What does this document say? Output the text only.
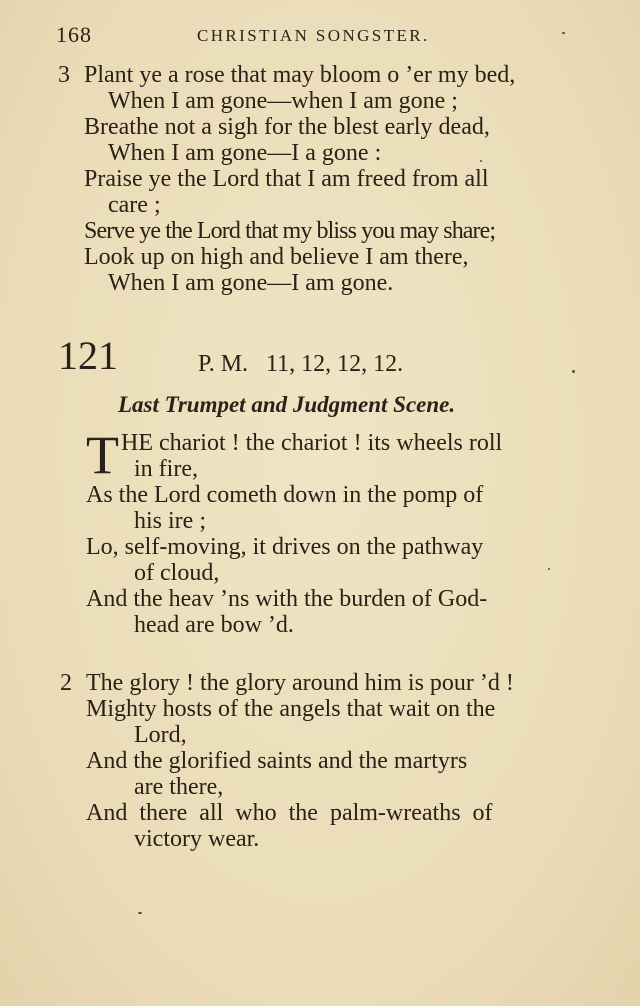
168	CHRISTIAN SONGSTER.
3 Plant ye a rose that may bloom o ’er my bed,
When I am gone—when I am gone ;
Breathe not a sigh for the blest early dead,
When I am gone—I a gone :
Praise ye the Lord that I am freed from all
care ;
Serve ye the Lord that my bliss you may share;
Look up on high and believe I am there,
When I am gone—I am gone.
121	P. M.   11, 12, 12, 12.
Last Trumpet and Judgment Scene.
T HE chariot ! the chariot ! its wheels roll
in fire,
As the Lord cometh down in the pomp of
his ire ;
Lo, self-moving, it drives on the pathway
of cloud,
And the heav ’ns with the burden of God-
head are bow ’d.
2 The glory ! the glory around him is pour ’d !
Mighty hosts of the angels that wait on the
Lord,
And the glorified saints and the martyrs
are there,
And there all who the palm-wreaths of
victory wear.
